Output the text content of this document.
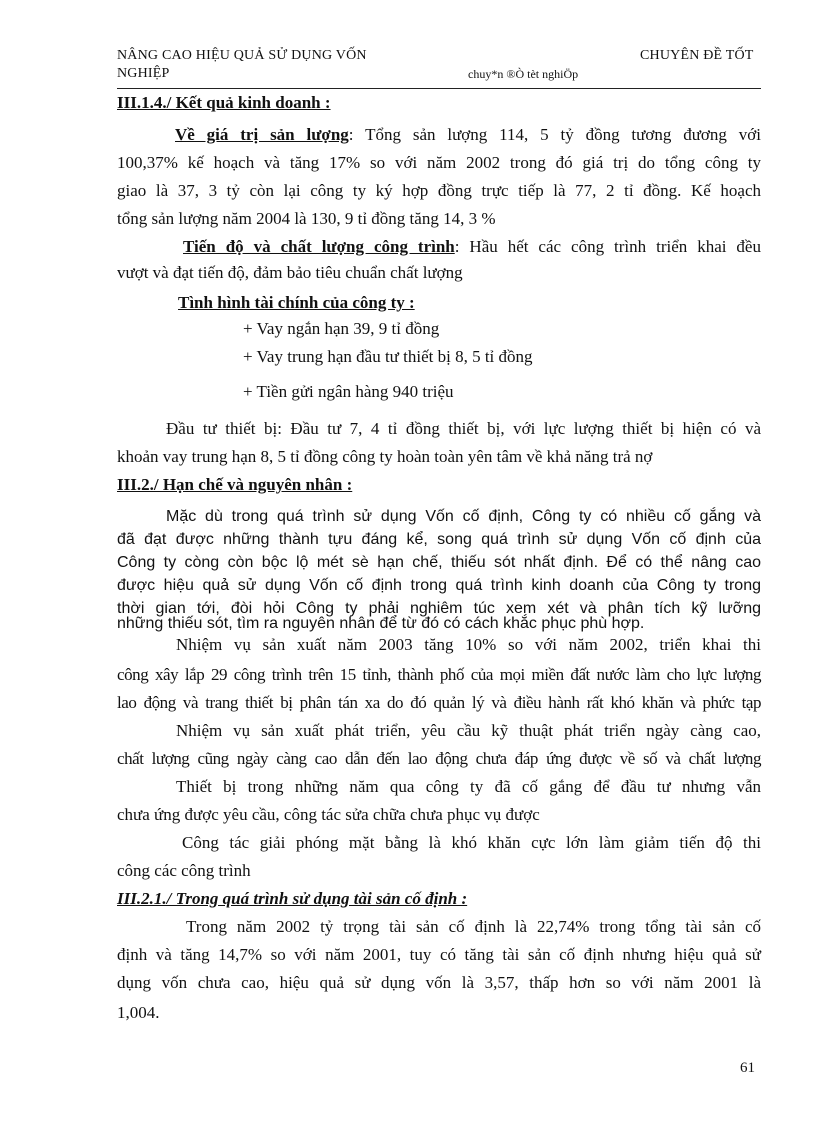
NÂNG CAO HIỆU QUẢ SỬ DỤNG VỐN
NGHIỆP	chuy*n ®Ò tèt nghiÖp
CHUYÊN ĐỀ TỐT
III.1.4./ Kết quả kinh doanh :
Về giá trị sản lượng: Tổng sản lượng 114, 5 tỷ đồng tương đương với
100,37% kế hoạch và tăng 17% so với năm 2002 trong đó giá trị do tổng công ty
giao là 37, 3 tỷ còn lại công ty ký hợp đồng trực tiếp là 77, 2 tỉ đồng. Kế hoạch
tổng sản lượng năm 2004 là 130, 9 tỉ đồng tăng 14, 3 %
Tiến độ và chất lượng công trình: Hầu hết các công trình triển khai đều
vượt và đạt tiến độ, đảm bảo tiêu chuẩn chất lượng
Tình hình tài chính của công ty :
+ Vay ngắn hạn 39, 9 tỉ đồng
+ Vay trung hạn đầu tư thiết bị 8, 5 tỉ đồng
+ Tiền gửi ngân hàng 940 triệu
Đầu tư thiết bị: Đầu tư 7, 4 tỉ đồng thiết bị, với lực lượng thiết bị hiện có và
khoản vay trung hạn 8, 5 tỉ đồng công ty hoàn toàn yên tâm về khả năng trả nợ
III.2./ Hạn chế và nguyên nhân :
Mặc dù trong quá trình sử dụng Vốn cố định, Công ty có nhiều cố gắng và
đã đạt được những thành tựu đáng kể, song quá trình sử dụng Vốn cố định của
Công ty còng còn bộc lộ mét sè hạn chế, thiếu sót nhất định. Để có thể nâng cao
được hiệu quả sử dụng Vốn cố định trong quá trình kinh doanh của Công ty trong
thời gian tới, đòi hỏi Công ty phải nghiêm túc xem xét và phân tích kỹ lưỡng
những thiếu sót, tìm ra nguyên nhân để từ đó có cách khắc phục phù hợp.
Nhiệm vụ sản xuất năm 2003 tăng 10% so với năm 2002, triển khai thi
công xây lắp 29 công trình trên 15 tỉnh, thành phố của mọi miền đất nước làm cho lực lượng
lao động và trang thiết bị phân tán xa do đó quản lý và điều hành rất khó khăn và phức tạp
Nhiệm vụ sản xuất phát triển, yêu cầu kỹ thuật phát triển ngày càng cao,
chất lượng cũng ngày càng cao dẫn đến lao động chưa đáp ứng được về số và chất lượng
Thiết bị trong những năm qua công ty đã cố gắng để đầu tư nhưng vẫn
chưa ứng được yêu cầu, công tác sửa chữa chưa phục vụ được
Công tác giải phóng mặt bằng là khó khăn cực lớn làm giảm tiến độ thi
công các công trình
III.2.1./ Trong quá trình sử dụng tài sản cố định :
Trong năm 2002 tỷ trọng tài sản cố định là 22,74% trong tổng tài sản cố
định và tăng 14,7% so với năm 2001, tuy có tăng tài sản cố định nhưng hiệu quả sử
dụng vốn chưa cao, hiệu quả sử dụng vốn là 3,57, thấp hơn so với năm 2001 là
1,004.
61
